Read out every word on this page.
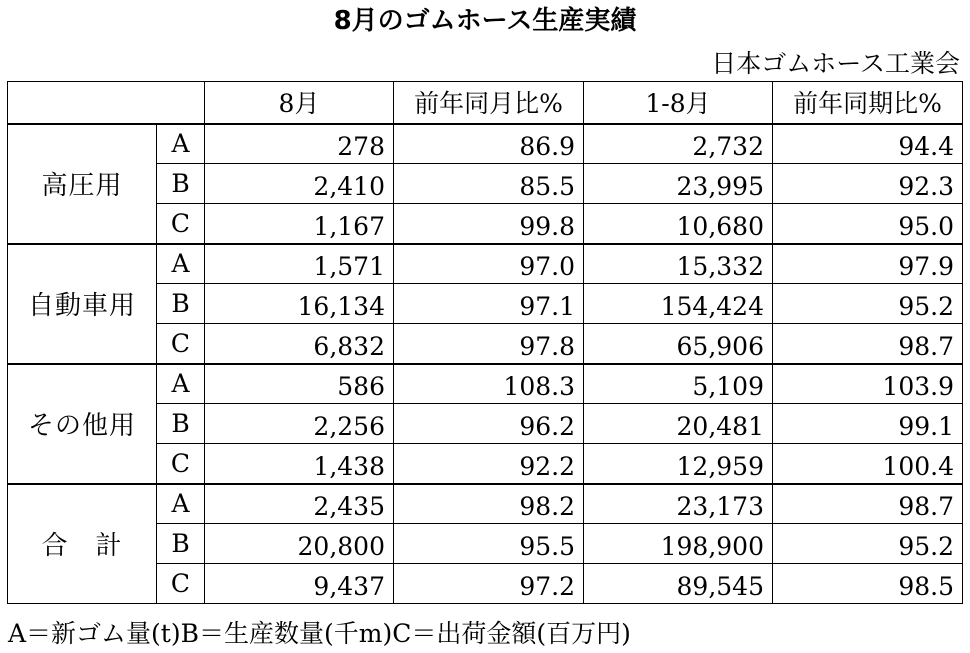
8月のゴムホース生産実績
日本ゴムホース工業会
		8月	前年同月比%	1-8月	前年同期比%
高圧用	A	278	86.9	2,732	94.4
	B	2,410	85.5	23,995	92.3
	C	1,167	99.8	10,680	95.0
自動車用	A	1,571	97.0	15,332	97.9
	B	16,134	97.1	154,424	95.2
	C	6,832	97.8	65,906	98.7
その他用	A	586	108.3	5,109	103.9
	B	2,256	96.2	20,481	99.1
	C	1,438	92.2	12,959	100.4
合　計	A	2,435	98.2	23,173	98.7
	B	20,800	95.5	198,900	95.2
	C	9,437	97.2	89,545	98.5
A＝新ゴム量(t)B＝生産数量(千m)C＝出荷金額(百万円)
